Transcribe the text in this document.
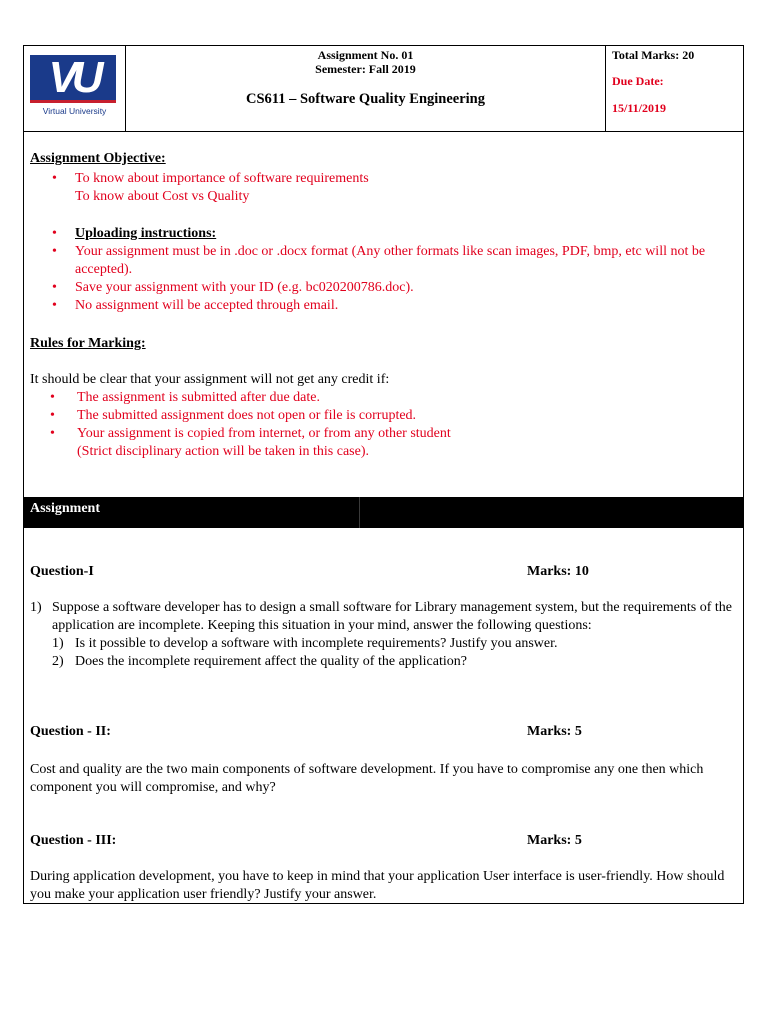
VU
Virtual University
Assignment No. 01
Semester: Fall 2019
CS611 – Software Quality Engineering
Total Marks: 20
Due Date:
15/11/2019
Assignment Objective:
• To know about importance of software requirements
To know about Cost vs Quality
• Uploading instructions:
• Your assignment must be in .doc or .docx format (Any other formats like scan images, PDF, bmp, etc will not be accepted).
• Save your assignment with your ID (e.g. bc020200786.doc).
• No assignment will be accepted through email.
Rules for Marking:
It should be clear that your assignment will not get any credit if:
• The assignment is submitted after due date.
• The submitted assignment does not open or file is corrupted.
• Your assignment is copied from internet, or from any other student
(Strict disciplinary action will be taken in this case).
Assignment
Question-I	Marks: 10
1) Suppose a software developer has to design a small software for Library management system, but the requirements of the application are incomplete. Keeping this situation in your mind, answer the following questions:
1) Is it possible to develop a software with incomplete requirements? Justify you answer.
2) Does the incomplete requirement affect the quality of the application?
Question - II:	Marks: 5
Cost and quality are the two main components of software development. If you have to compromise any one then which component you will compromise, and why?
Question - III:	Marks: 5
During application development, you have to keep in mind that your application User interface is user-friendly. How should you make your application user friendly? Justify your answer.
